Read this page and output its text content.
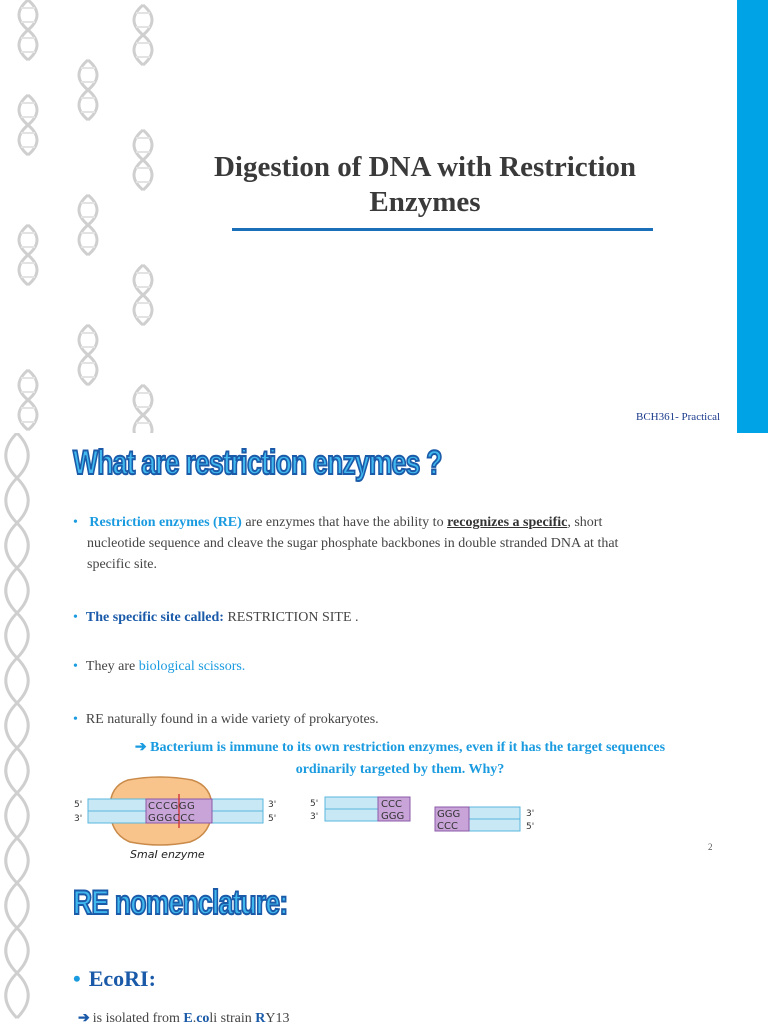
Digestion of DNA with Restriction
Enzymes
BCH361- Practical
What are restriction enzymes ?
• Restriction enzymes (RE) are enzymes that have the ability to recognizes a specific, short
nucleotide sequence and cleave the sugar phosphate backbones in double stranded DNA at that
specific site.
• The specific site called: RESTRICTION SITE .
• They are biological scissors.
• RE naturally found in a wide variety of prokaryotes.
➔ Bacterium is immune to its own restriction enzymes, even if it has the target sequences
ordinarily targeted by them. Why?
5'
3'
3'
5'
CCCGGG
GGGCCC
SmaI enzyme
5'
3'
CCC
GGG	GGG
CCC
3'
5'
2
RE nomenclature:
• EcoRI:
➔ is isolated from E.coli strain RY13
